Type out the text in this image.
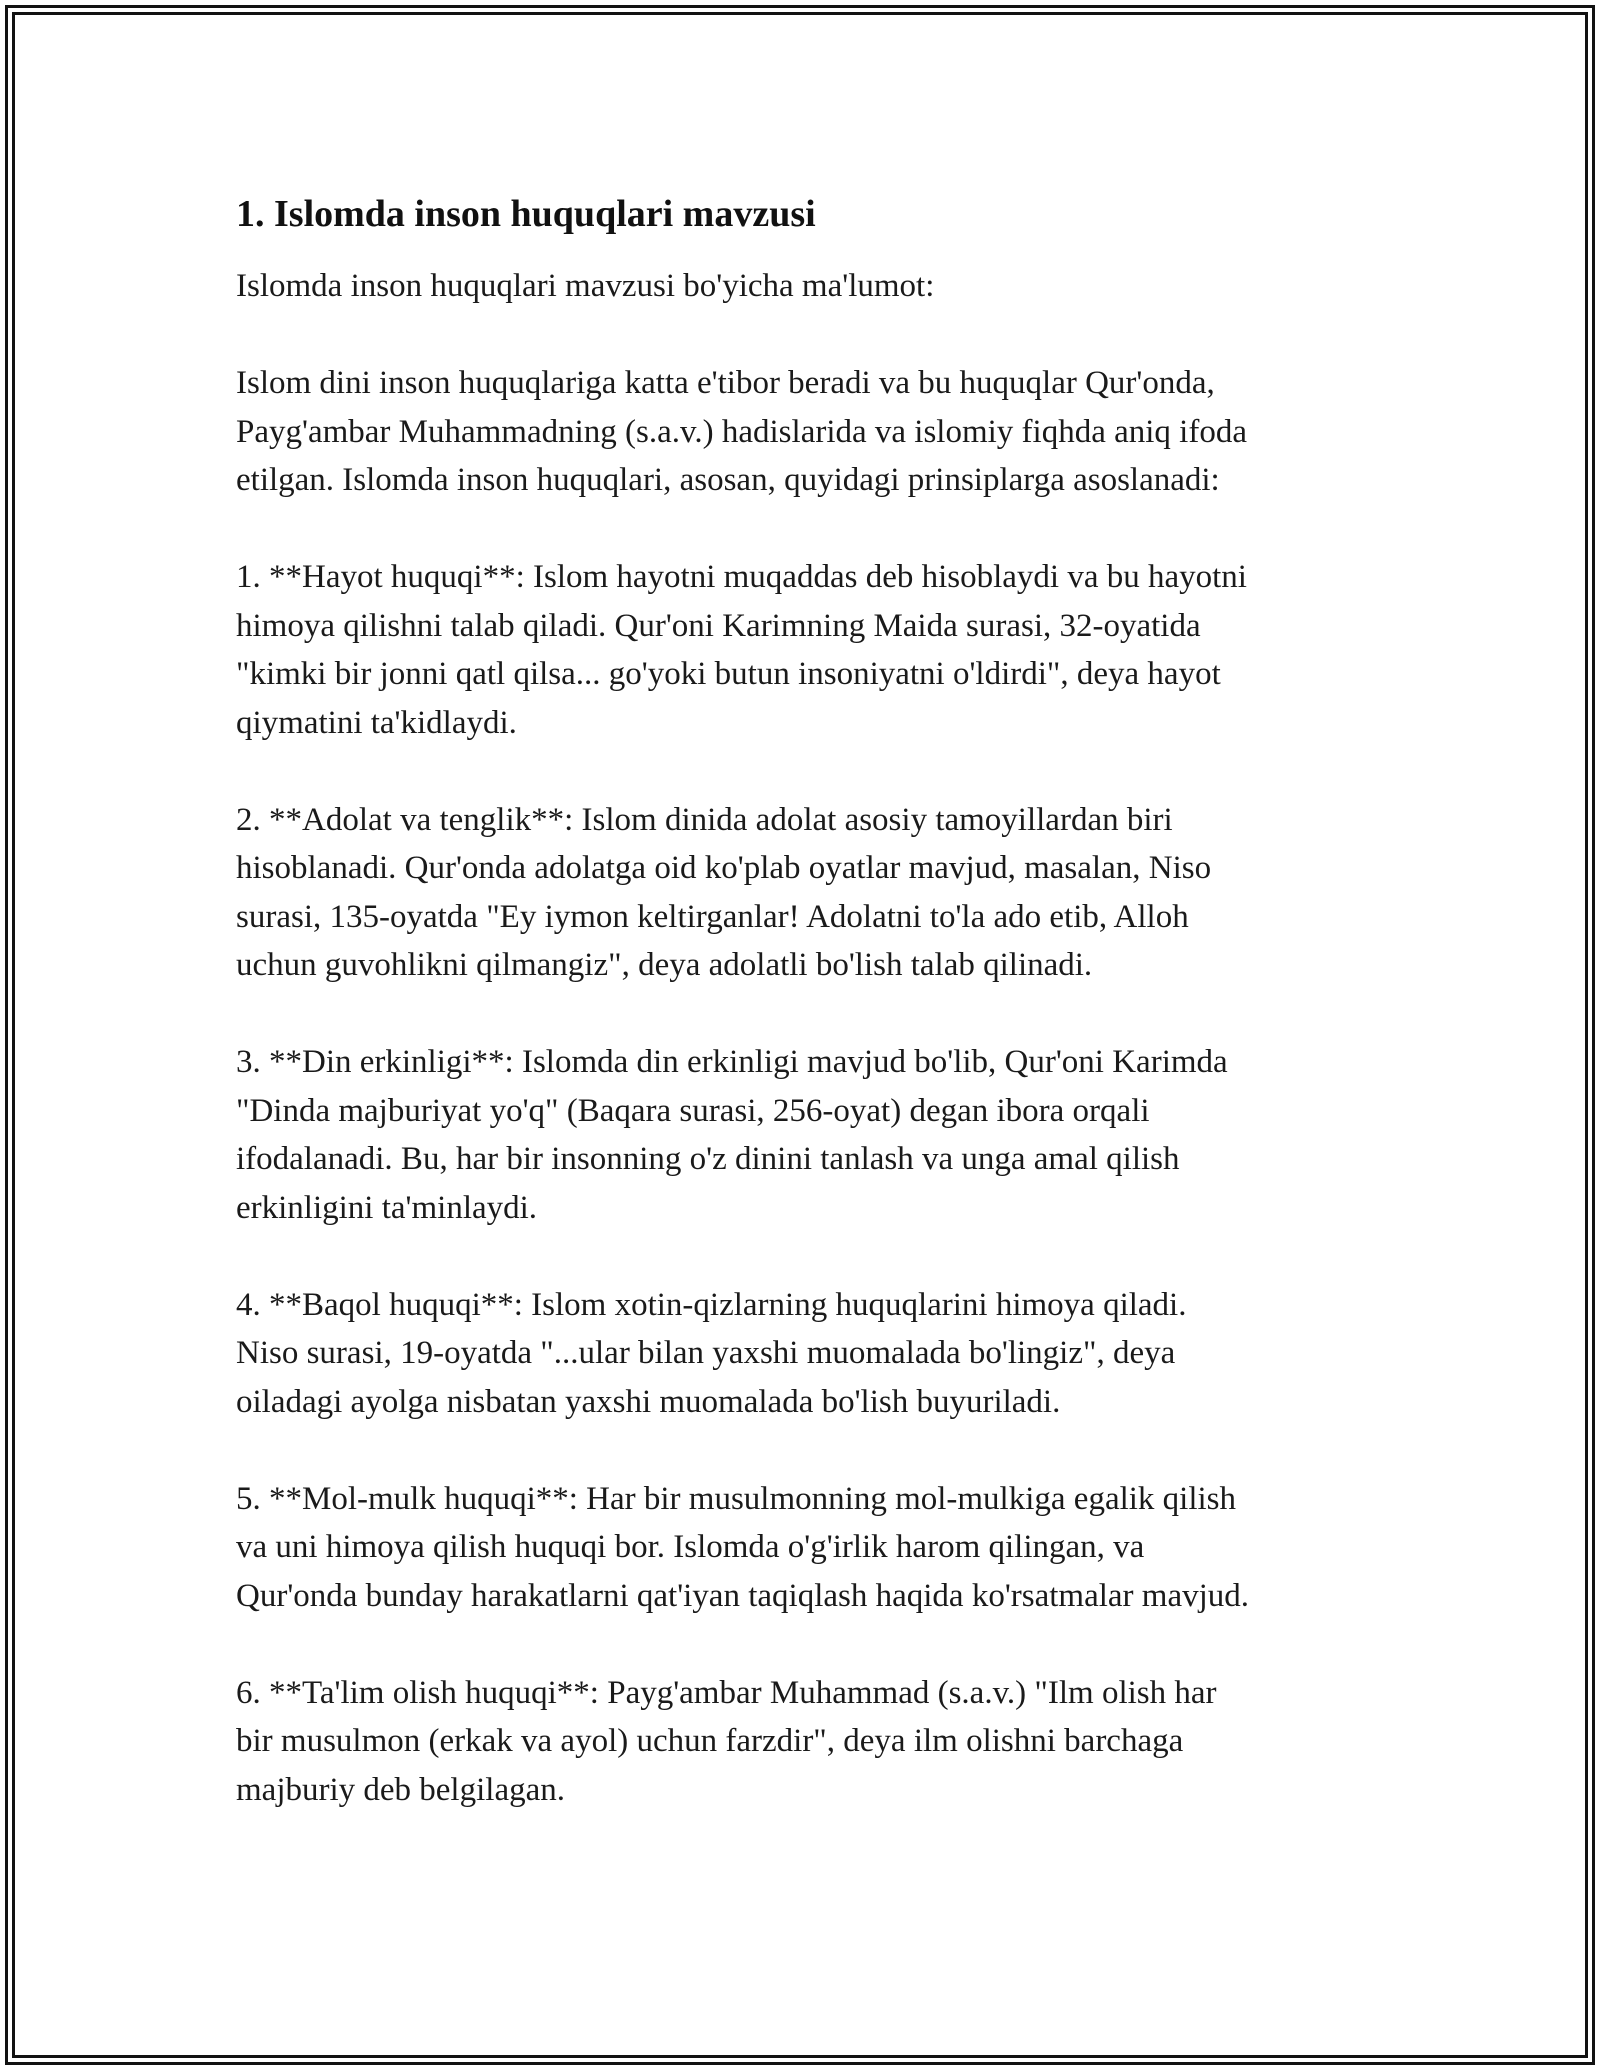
1. Islomda inson huquqlari mavzusi

Islomda inson huquqlari mavzusi bo'yicha ma'lumot:

Islom dini inson huquqlariga katta e'tibor beradi va bu huquqlar Qur'onda,
Payg'ambar Muhammadning (s.a.v.) hadislarida va islomiy fiqhda aniq ifoda
etilgan. Islomda inson huquqlari, asosan, quyidagi prinsiplarga asoslanadi:

1. **Hayot huquqi**: Islom hayotni muqaddas deb hisoblaydi va bu hayotni
himoya qilishni talab qiladi. Qur'oni Karimning Maida surasi, 32-oyatida
"kimki bir jonni qatl qilsa... go'yoki butun insoniyatni o'ldirdi", deya hayot
qiymatini ta'kidlaydi.

2. **Adolat va tenglik**: Islom dinida adolat asosiy tamoyillardan biri
hisoblanadi. Qur'onda adolatga oid ko'plab oyatlar mavjud, masalan, Niso
surasi, 135-oyatda "Ey iymon keltirganlar! Adolatni to'la ado etib, Alloh
uchun guvohlikni qilmangiz", deya adolatli bo'lish talab qilinadi.

3. **Din erkinligi**: Islomda din erkinligi mavjud bo'lib, Qur'oni Karimda
"Dinda majburiyat yo'q" (Baqara surasi, 256-oyat) degan ibora orqali
ifodalanadi. Bu, har bir insonning o'z dinini tanlash va unga amal qilish
erkinligini ta'minlaydi.

4. **Baqol huquqi**: Islom xotin-qizlarning huquqlarini himoya qiladi.
Niso surasi, 19-oyatda "...ular bilan yaxshi muomalada bo'lingiz", deya
oiladagi ayolga nisbatan yaxshi muomalada bo'lish buyuriladi.

5. **Mol-mulk huquqi**: Har bir musulmonning mol-mulkiga egalik qilish
va uni himoya qilish huquqi bor. Islomda o'g'irlik harom qilingan, va
Qur'onda bunday harakatlarni qat'iyan taqiqlash haqida ko'rsatmalar mavjud.

6. **Ta'lim olish huquqi**: Payg'ambar Muhammad (s.a.v.) "Ilm olish har
bir musulmon (erkak va ayol) uchun farzdir", deya ilm olishni barchaga
majburiy deb belgilagan.
